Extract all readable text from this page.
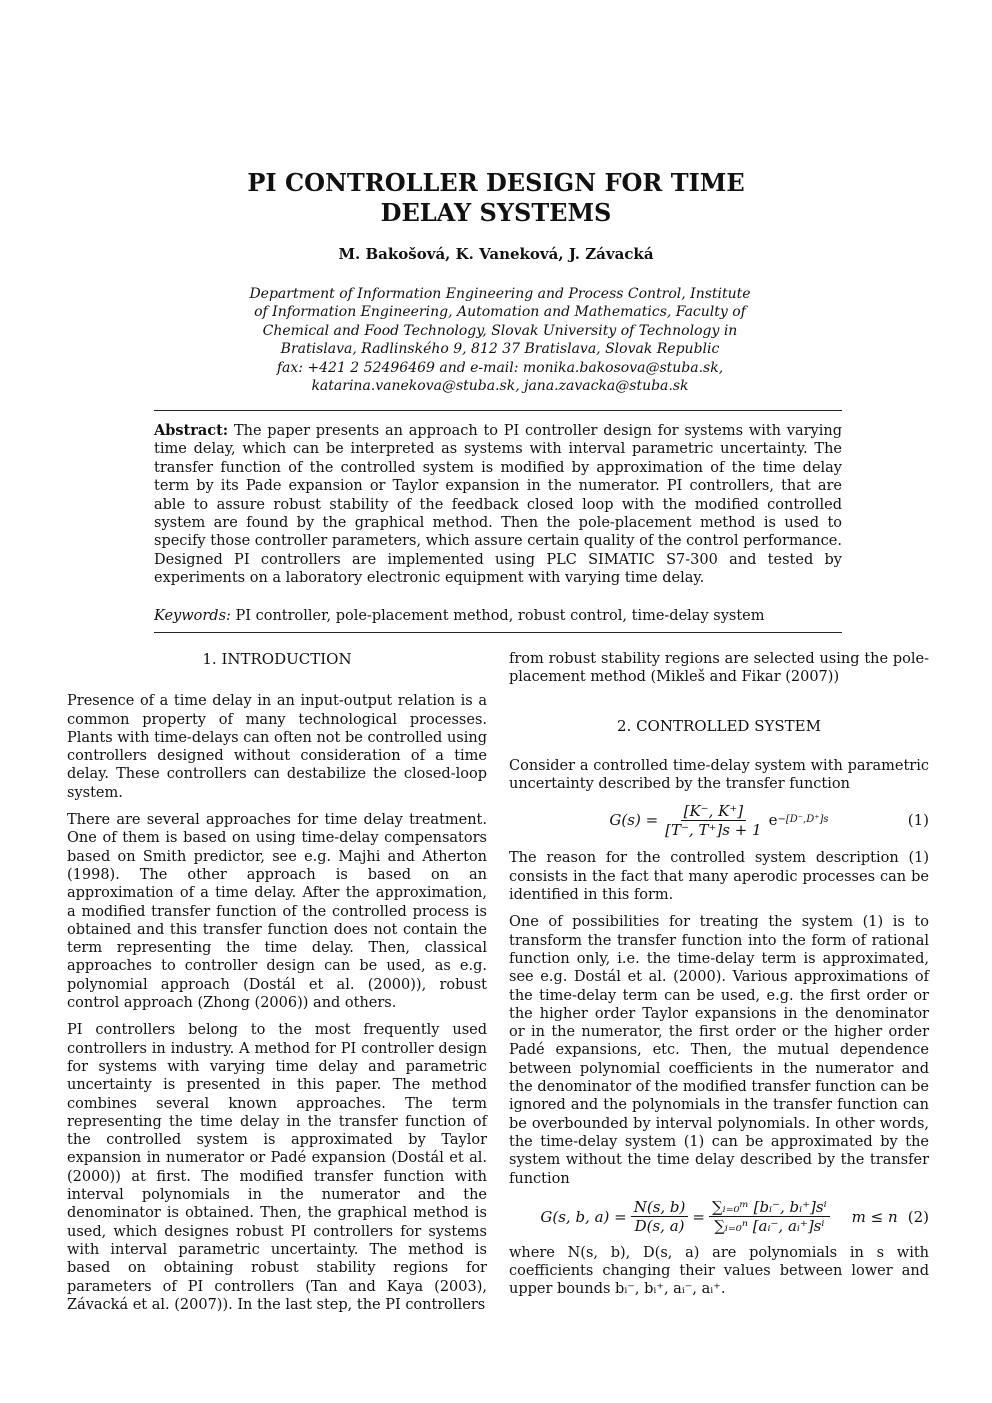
PI CONTROLLER DESIGN FOR TIME
DELAY SYSTEMS
M. Bakošová, K. Vaneková, J. Závacká
Department of Information Engineering and Process Control, Institute
of Information Engineering, Automation and Mathematics, Faculty of
Chemical and Food Technology, Slovak University of Technology in
Bratislava, Radlinského 9, 812 37 Bratislava, Slovak Republic
fax: +421 2 52496469 and e-mail: monika.bakosova@stuba.sk,
katarina.vanekova@stuba.sk, jana.zavacka@stuba.sk
Abstract: The paper presents an approach to PI controller design for systems with varying time delay, which can be interpreted as systems with interval parametric uncertainty. The transfer function of the controlled system is modified by approximation of the time delay term by its Pade expansion or Taylor expansion in the numerator. PI controllers, that are able to assure robust stability of the feedback closed loop with the modified controlled system are found by the graphical method. Then the pole-placement method is used to specify those controller parameters, which assure certain quality of the control performance. Designed PI controllers are implemented using PLC SIMATIC S7-300 and tested by experiments on a laboratory electronic equipment with varying time delay.
Keywords: PI controller, pole-placement method, robust control, time-delay system
1. INTRODUCTION

Presence of a time delay in an input-output relation is a common property of many technological processes. Plants with time-delays can often not be controlled using controllers designed without consideration of a time delay. These controllers can destabilize the closed-loop system.

There are several approaches for time delay treatment. One of them is based on using time-delay compensators based on Smith predictor, see e.g. Majhi and Atherton (1998). The other approach is based on an approximation of a time delay. After the approximation, a modified transfer function of the controlled process is obtained and this transfer function does not contain the term representing the time delay. Then, classical approaches to controller design can be used, as e.g. polynomial approach (Dostál et al. (2000)), robust control approach (Zhong (2006)) and others.

PI controllers belong to the most frequently used controllers in industry. A method for PI controller design for systems with varying time delay and parametric uncertainty is presented in this paper. The method combines several known approaches. The term representing the time delay in the transfer function of the controlled system is approximated by Taylor expansion in numerator or Padé expansion (Dostál et al. (2000)) at first. The modified transfer function with interval polynomials in the numerator and the denominator is obtained. Then, the graphical method is used, which designes robust PI controllers for systems with interval parametric uncertainty. The method is based on obtaining robust stability regions for parameters of PI controllers (Tan and Kaya (2003), Závacká et al. (2007)). In the last step, the PI controllers

from robust stability regions are selected using the pole-placement method (Mikleš and Fikar (2007))

2. CONTROLLED SYSTEM

Consider a controlled time-delay system with parametric uncertainty described by the transfer function

$G(s) = \frac{[K^-, K^+]}{[T^-, T^+]s + 1}$ e −[D⁻,D⁺]s	(1)

The reason for the controlled system description (1) consists in the fact that many aperodic processes can be identified in this form.

One of possibilities for treating the system (1) is to transform the transfer function into the form of rational function only, i.e. the time-delay term is approximated, see e.g. Dostál et al. (2000). Various approximations of the time-delay term can be used, e.g. the first order or the higher order Taylor expansions in the denominator or in the numerator, the first order or the higher order Padé expansions, etc. Then, the mutual dependence between polynomial coefficients in the numerator and the denominator of the modified transfer function can be ignored and the polynomials in the transfer function can be overbounded by interval polynomials. In other words, the time-delay system (1) can be approximated by the system without the time delay described by the transfer function

G(s, b, $a) = \frac{N(s, b)}{D(s, a)} = \frac{\text{∑ᵢ₌₀ᵐ [bᵢ⁻, bᵢ⁺]sⁱ}}{\text{∑ᵢ₌₀ⁿ [aᵢ⁻, aᵢ⁺]sⁱ}}$ m ≤ n (2)

where N(s, b), D(s, a) are polynomials in s with coefficients changing their values between lower and upper bounds bᵢ⁻, bᵢ⁺, aᵢ⁻, aᵢ⁺.
